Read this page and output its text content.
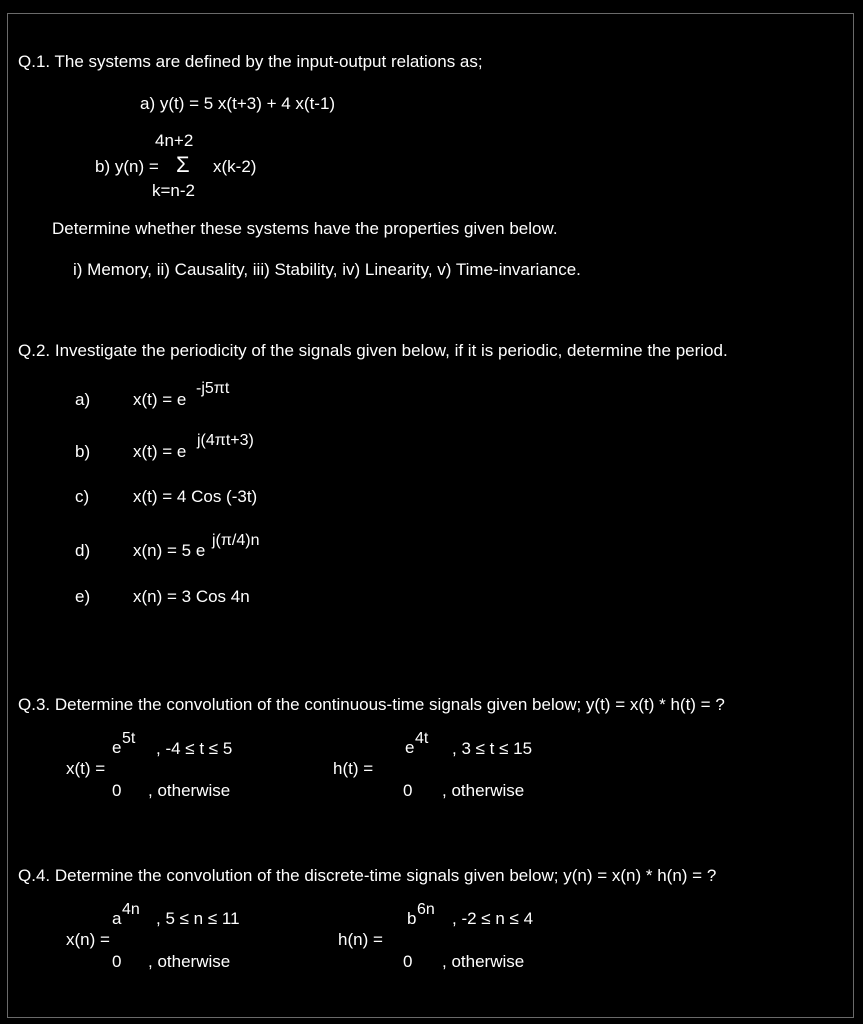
Q.1. The systems are defined by the input-output relations as;
a) y(t) = 5 x(t+3) + 4 x(t-1)
4n+2
b) y(n) = Σ x(k-2)
k=n-2
Determine whether these systems have the properties given below.
i) Memory, ii) Causality, iii) Stability, iv) Linearity, v) Time-invariance.
Q.2. Investigate the periodicity of the signals given below, if it is periodic, determine the period.
a)	x(t) = e
-j5πt
b)	x(t) = e
j(4πt+3)
c)	x(t) = 4 Cos (-3t)
d)	x(n) = 5 e
j(π/4)n
e)	x(n) = 3 Cos 4n
Q.3. Determine the convolution of the continuous-time signals given below; y(t) = x(t) * h(t) = ?
e 5t
, -4 ≤ t ≤ 5
x(t) =
0 , otherwise
e 4t
, 3 ≤ t ≤ 15
h(t) =
0 , otherwise
Q.4. Determine the convolution of the discrete-time signals given below; y(n) = x(n) * h(n) = ?
a 4n , 5 ≤ n ≤ 11
x(n) =
0 , otherwise
b 6n , -2 ≤ n ≤ 4
h(n) =
0 , otherwise
